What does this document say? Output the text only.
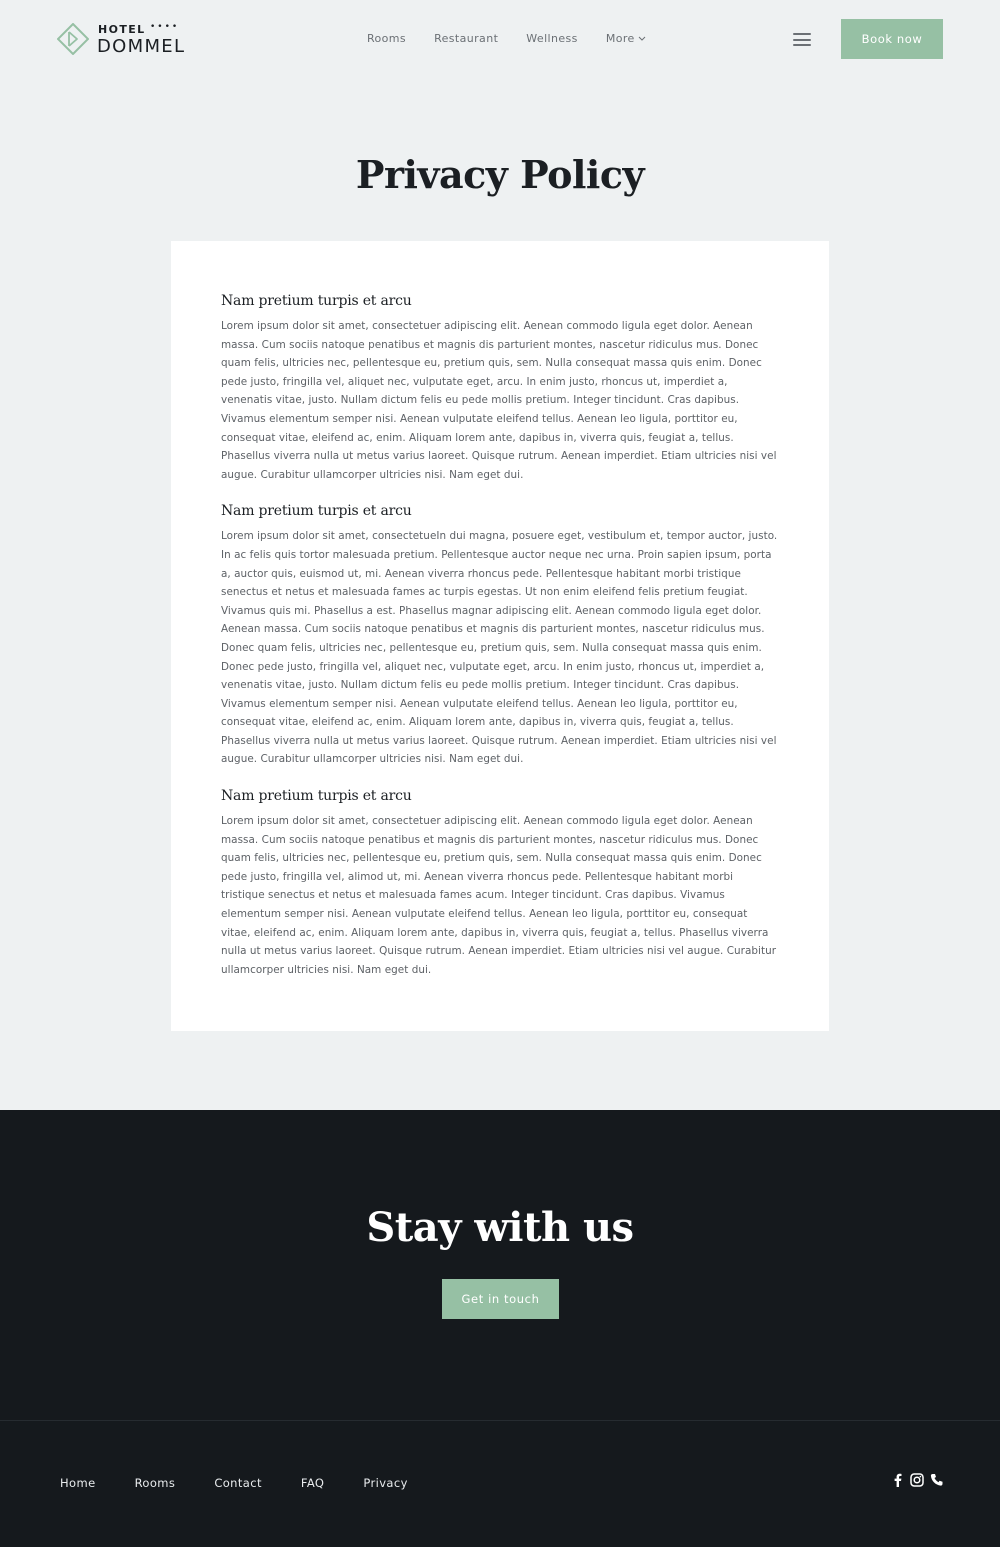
HOTEL ••••
DOMMEL	Rooms	Restaurant	Wellness	More	Book now
Privacy Policy
Nam pretium turpis et arcu

Lorem ipsum dolor sit amet, consectetuer adipiscing elit. Aenean commodo ligula eget dolor. Aenean massa. Cum sociis natoque penatibus et magnis dis parturient montes, nascetur ridiculus mus. Donec quam felis, ultricies nec, pellentesque eu, pretium quis, sem. Nulla consequat massa quis enim. Donec pede justo, fringilla vel, aliquet nec, vulputate eget, arcu. In enim justo, rhoncus ut, imperdiet a, venenatis vitae, justo. Nullam dictum felis eu pede mollis pretium. Integer tincidunt. Cras dapibus. Vivamus elementum semper nisi. Aenean vulputate eleifend tellus. Aenean leo ligula, porttitor eu, consequat vitae, eleifend ac, enim. Aliquam lorem ante, dapibus in, viverra quis, feugiat a, tellus. Phasellus viverra nulla ut metus varius laoreet. Quisque rutrum. Aenean imperdiet. Etiam ultricies nisi vel augue. Curabitur ullamcorper ultricies nisi. Nam eget dui.

Nam pretium turpis et arcu

Lorem ipsum dolor sit amet, consectetueIn dui magna, posuere eget, vestibulum et, tempor auctor, justo. In ac felis quis tortor malesuada pretium. Pellentesque auctor neque nec urna. Proin sapien ipsum, porta a, auctor quis, euismod ut, mi. Aenean viverra rhoncus pede. Pellentesque habitant morbi tristique senectus et netus et malesuada fames ac turpis egestas. Ut non enim eleifend felis pretium feugiat. Vivamus quis mi. Phasellus a est. Phasellus magnar adipiscing elit. Aenean commodo ligula eget dolor. Aenean massa. Cum sociis natoque penatibus et magnis dis parturient montes, nascetur ridiculus mus. Donec quam felis, ultricies nec, pellentesque eu, pretium quis, sem. Nulla consequat massa quis enim. Donec pede justo, fringilla vel, aliquet nec, vulputate eget, arcu. In enim justo, rhoncus ut, imperdiet a, venenatis vitae, justo. Nullam dictum felis eu pede mollis pretium. Integer tincidunt. Cras dapibus. Vivamus elementum semper nisi. Aenean vulputate eleifend tellus. Aenean leo ligula, porttitor eu, consequat vitae, eleifend ac, enim. Aliquam lorem ante, dapibus in, viverra quis, feugiat a, tellus. Phasellus viverra nulla ut metus varius laoreet. Quisque rutrum. Aenean imperdiet. Etiam ultricies nisi vel augue. Curabitur ullamcorper ultricies nisi. Nam eget dui.

Nam pretium turpis et arcu

Lorem ipsum dolor sit amet, consectetuer adipiscing elit. Aenean commodo ligula eget dolor. Aenean massa. Cum sociis natoque penatibus et magnis dis parturient montes, nascetur ridiculus mus. Donec quam felis, ultricies nec, pellentesque eu, pretium quis, sem. Nulla consequat massa quis enim. Donec pede justo, fringilla vel, alimod ut, mi. Aenean viverra rhoncus pede. Pellentesque habitant morbi tristique senectus et netus et malesuada fames acum. Integer tincidunt. Cras dapibus. Vivamus elementum semper nisi. Aenean vulputate eleifend tellus. Aenean leo ligula, porttitor eu, consequat vitae, eleifend ac, enim. Aliquam lorem ante, dapibus in, viverra quis, feugiat a, tellus. Phasellus viverra nulla ut metus varius laoreet. Quisque rutrum. Aenean imperdiet. Etiam ultricies nisi vel augue. Curabitur ullamcorper ultricies nisi. Nam eget dui.

Stay with us
Get in touch
Home	Rooms	Contact	FAQ	Privacy
